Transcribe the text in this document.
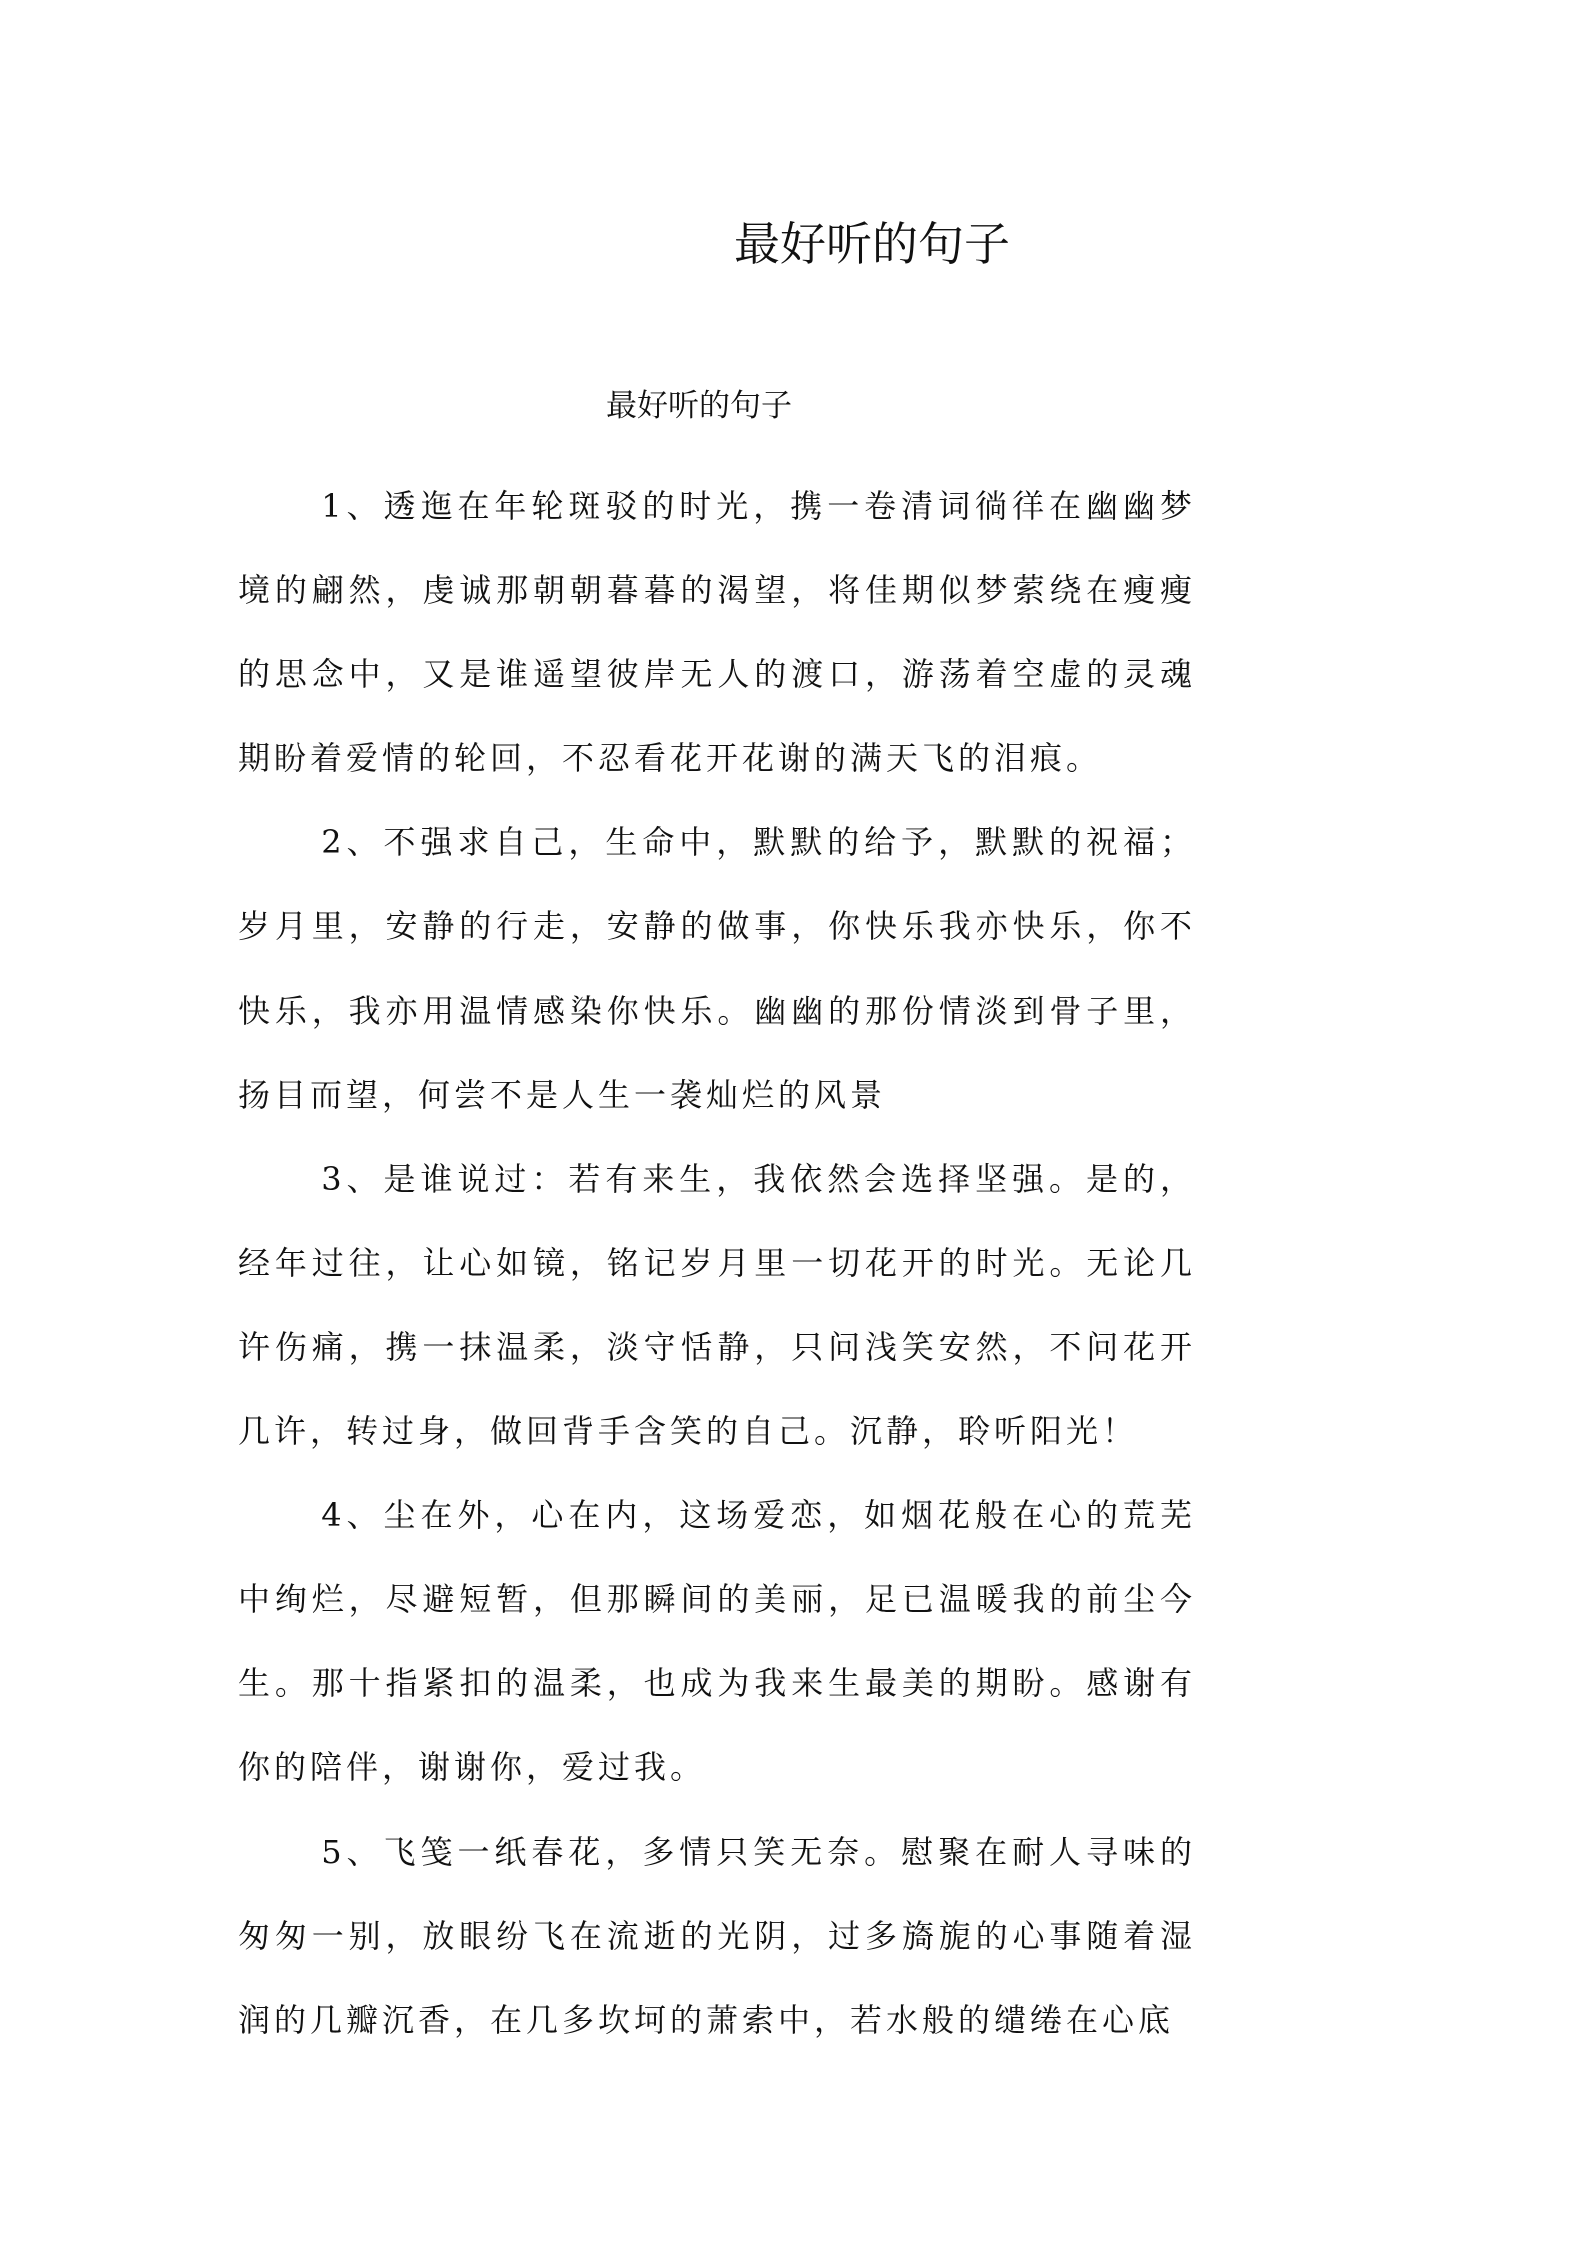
最好听的句子
最好听的句子

1、透迤在年轮斑驳的时光，携一卷清词徜徉在幽幽梦境的翩然，虔诚那朝朝暮暮的渴望，将佳期似梦萦绕在瘦瘦的思念中，又是谁遥望彼岸无人的渡口，游荡着空虚的灵魂期盼着爱情的轮回，不忍看花开花谢的满天飞的泪痕。

2、不强求自己，生命中，默默的给予，默默的祝福；岁月里，安静的行走，安静的做事，你快乐我亦快乐，你不快乐，我亦用温情感染你快乐。幽幽的那份情淡到骨子里，扬目而望，何尝不是人生一袭灿烂的风景

3、是谁说过：若有来生，我依然会选择坚强。是的，经年过往，让心如镜，铭记岁月里一切花开的时光。无论几许伤痛，携一抹温柔，淡守恬静，只问浅笑安然，不问花开几许，转过身，做回背手含笑的自己。沉静，聆听阳光！

4、尘在外，心在内，这场爱恋，如烟花般在心的荒芜中绚烂，尽避短暂，但那瞬间的美丽，足已温暖我的前尘今生。那十指紧扣的温柔，也成为我来生最美的期盼。感谢有你的陪伴，谢谢你，爱过我。

5、飞笺一纸春花，多情只笑无奈。慰聚在耐人寻味的匆匆一别，放眼纷飞在流逝的光阴，过多旖旎的心事随着湿润的几瓣沉香，在几多坎坷的萧索中，若水般的缱绻在心底
